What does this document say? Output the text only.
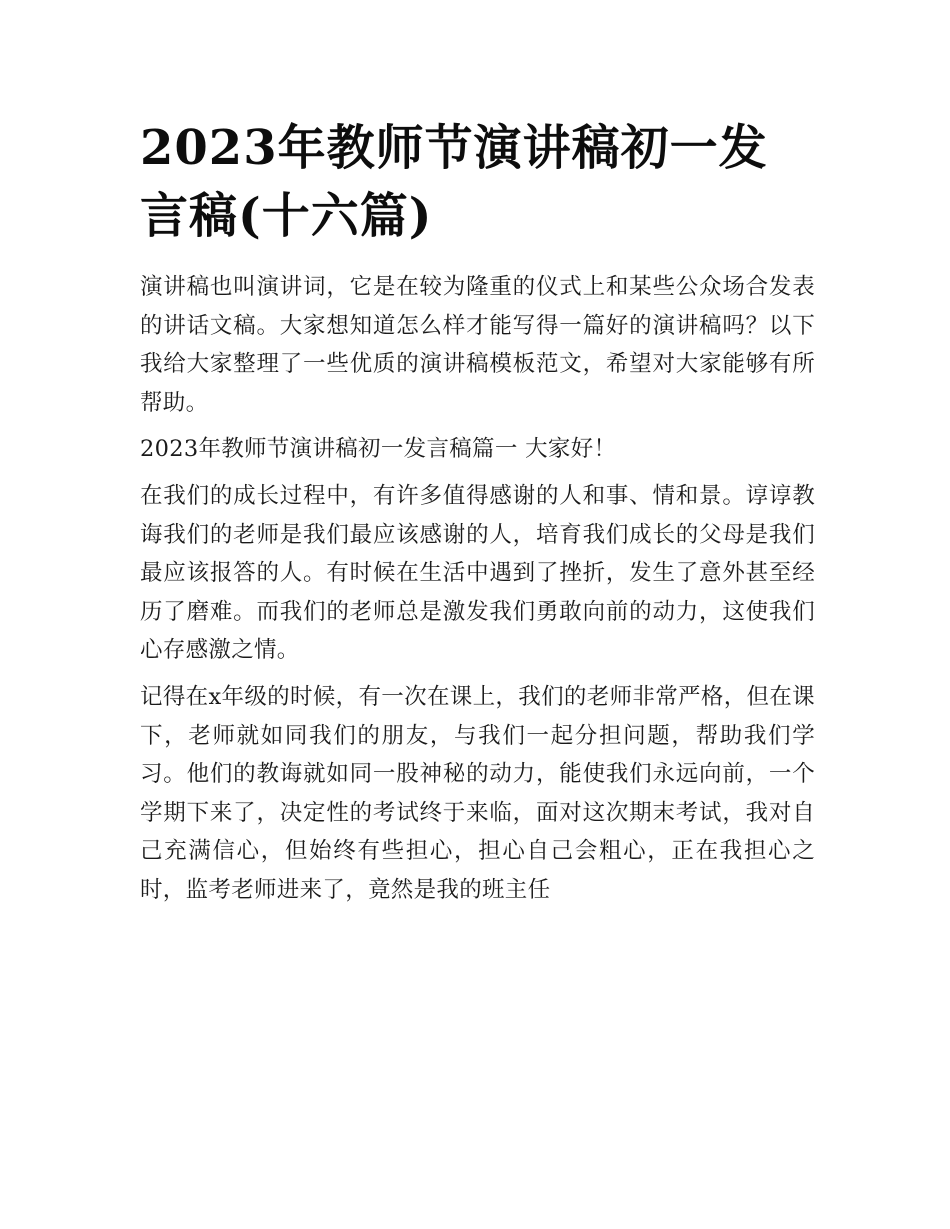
2023年教师节演讲稿初一发言稿(十六篇)

演讲稿也叫演讲词，它是在较为隆重的仪式上和某些公众场合发表的讲话文稿。大家想知道怎么样才能写得一篇好的演讲稿吗？以下我给大家整理了一些优质的演讲稿模板范文，希望对大家能够有所帮助。

2023年教师节演讲稿初一发言稿篇一 大家好！

在我们的成长过程中，有许多值得感谢的人和事、情和景。谆谆教诲我们的老师是我们最应该感谢的人，培育我们成长的父母是我们最应该报答的人。有时候在生活中遇到了挫折，发生了意外甚至经历了磨难。而我们的老师总是激发我们勇敢向前的动力，这使我们心存感激之情。

记得在x年级的时候，有一次在课上，我们的老师非常严格，但在课下，老师就如同我们的朋友，与我们一起分担问题，帮助我们学习。他们的教诲就如同一股神秘的动力，能使我们永远向前，一个学期下来了，决定性的考试终于来临，面对这次期末考试，我对自己充满信心，但始终有些担心，担心自己会粗心，正在我担心之时，监考老师进来了，竟然是我的班主任
